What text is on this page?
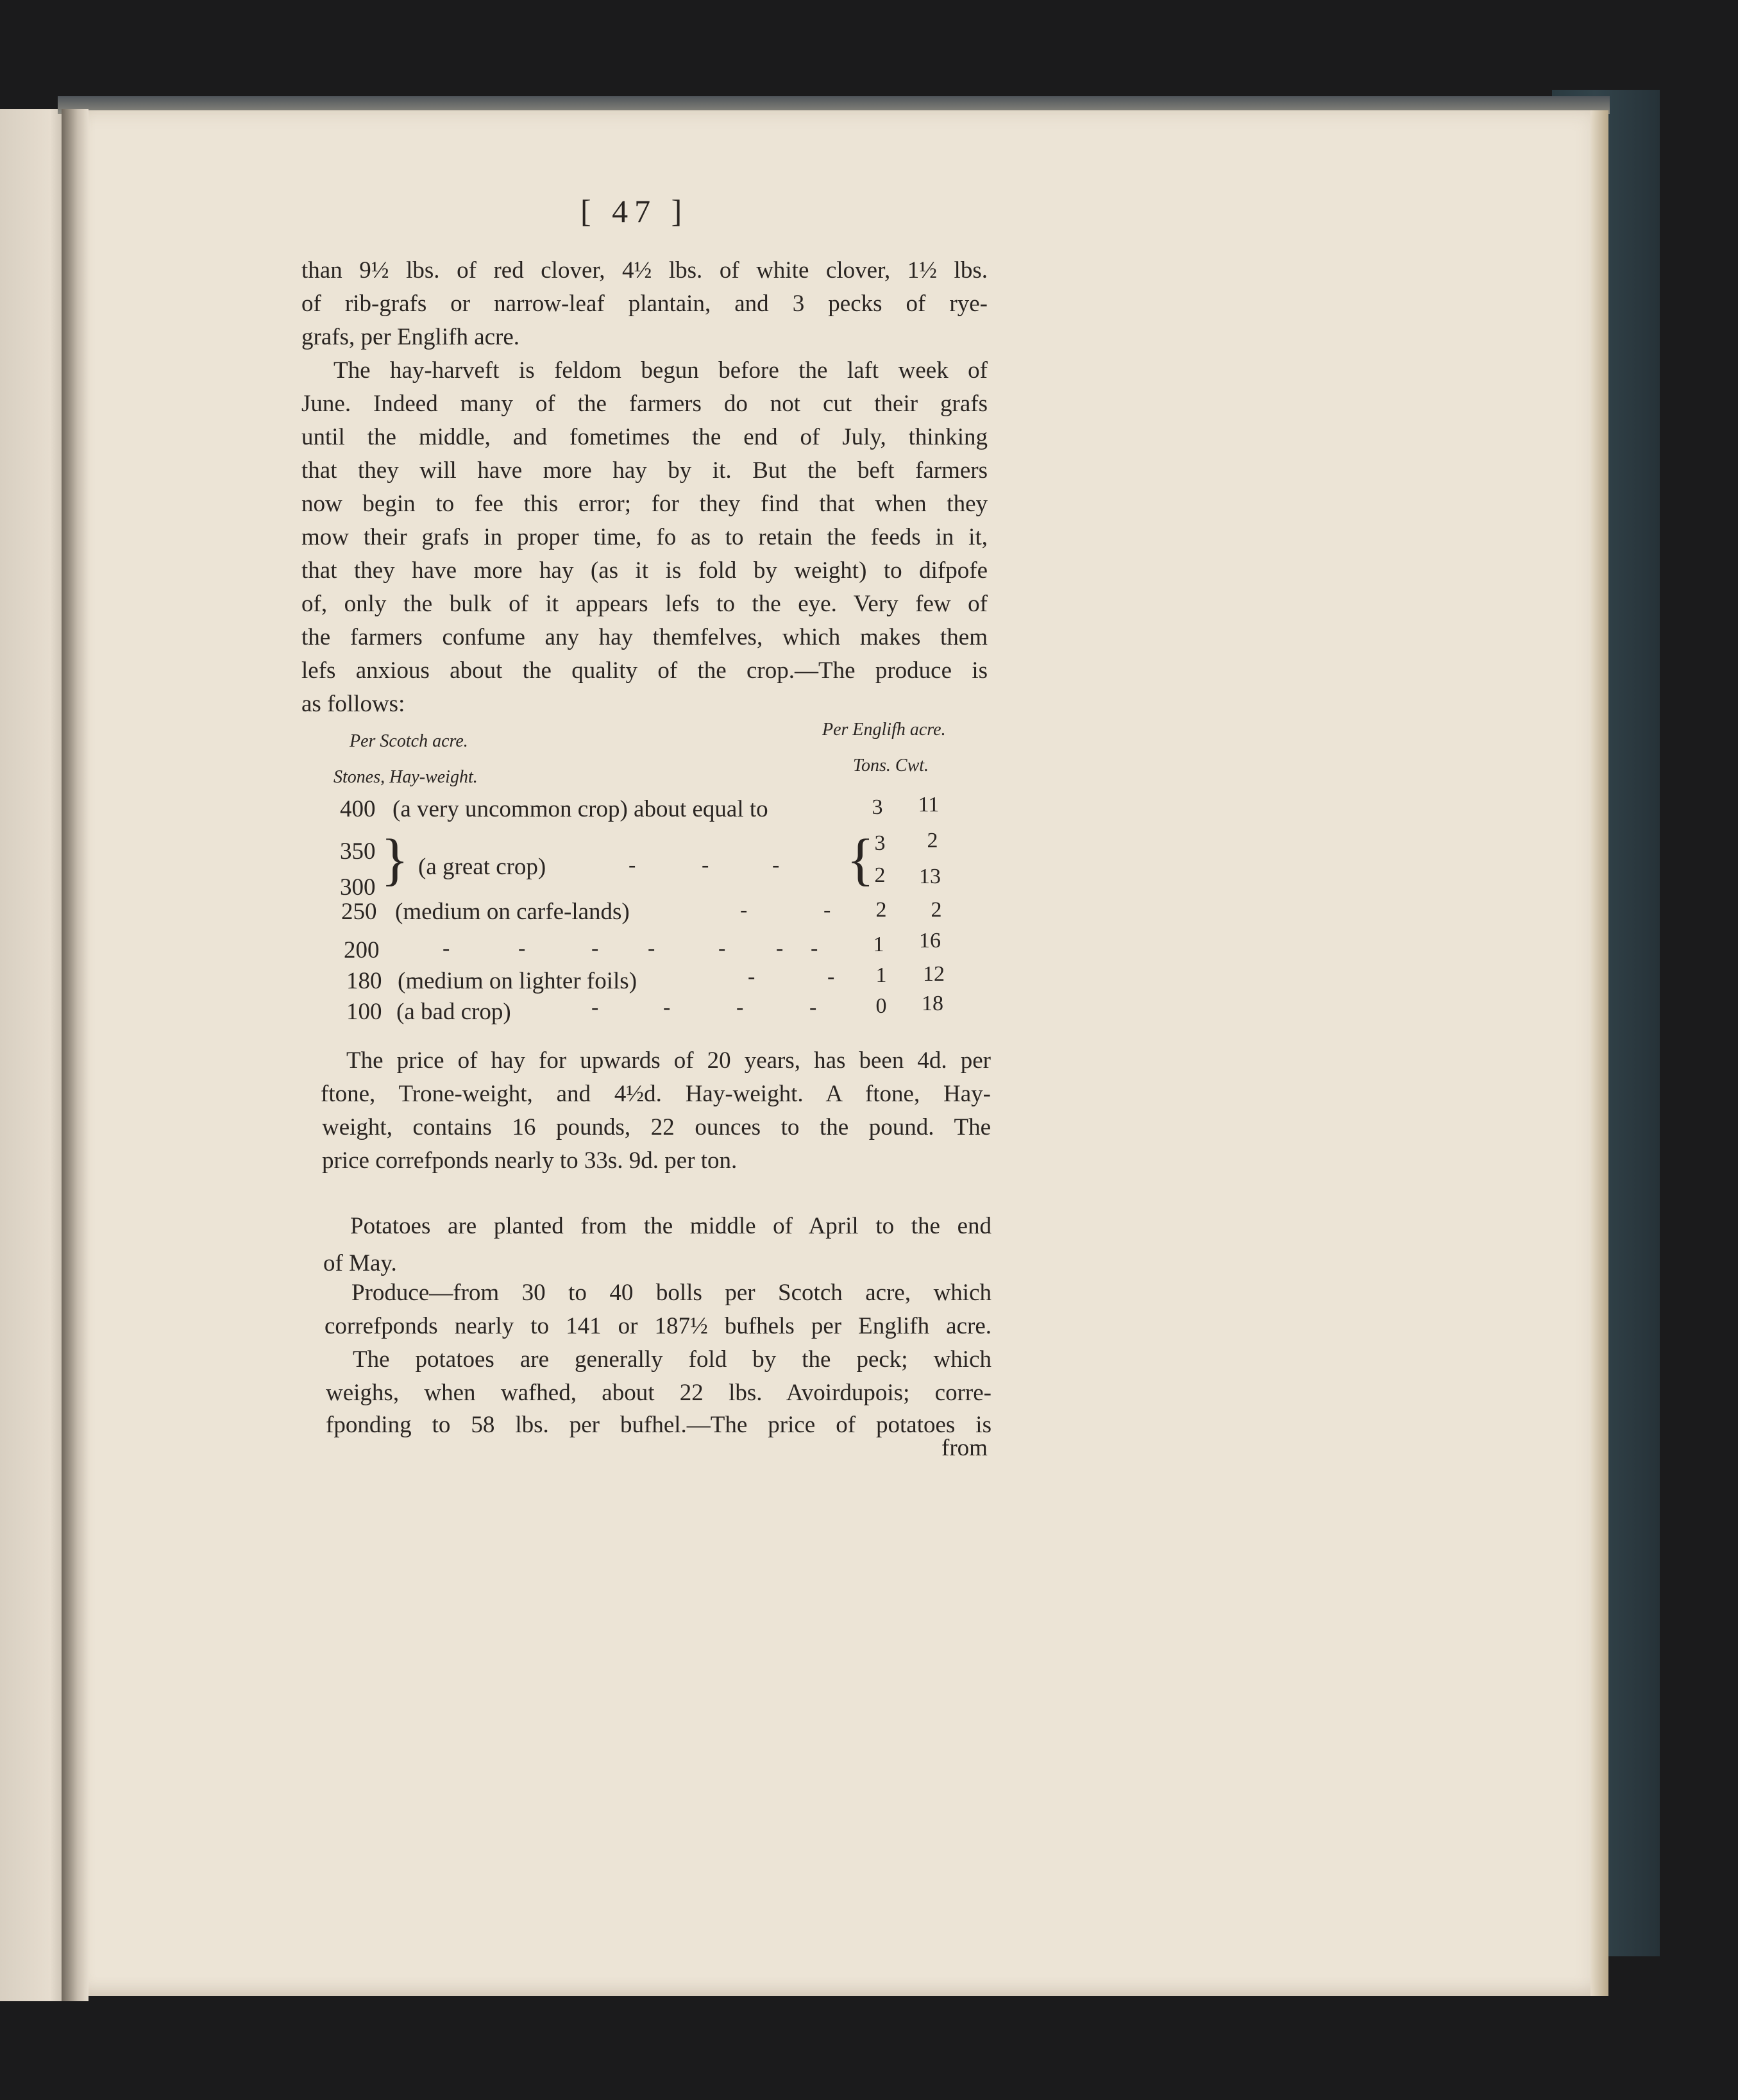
[ 47 ]
than 9½ lbs. of red clover, 4½ lbs. of white clover, 1½ lbs.
of rib-grafs or narrow-leaf plantain, and 3 pecks of rye-
grafs, per Englifh acre.
The hay-harveft is feldom begun before the laft week of
June. Indeed many of the farmers do not cut their grafs
until the middle, and fometimes the end of July, thinking
that they will have more hay by it. But the beft farmers
now begin to fee this error; for they find that when they
mow their grafs in proper time, fo as to retain the feeds in it,
that they have more hay (as it is fold by weight) to difpofe
of, only the bulk of it appears lefs to the eye. Very few of
the farmers confume any hay themfelves, which makes them
lefs anxious about the quality of the crop.—The produce is
as follows:
Per Scotch acre.
Stones, Hay-weight.
Per Englifh acre.
Tons. Cwt.
400 (a very uncommon crop) about equal to	3	11
350 } (a great crop)	-	-	- { 3	2
300	2	13
250 (medium on carfe-lands)	-	-	2	2
200	-	-	- -	- - -	1	16
180 (medium on lighter foils)	-	-	1	12
100 (a bad crop)	-	-	-	-	0	18
The price of hay for upwards of 20 years, has been 4d. per
ftone, Trone-weight, and 4½d. Hay-weight. A ftone, Hay-
weight, contains 16 pounds, 22 ounces to the pound. The
price correfponds nearly to 33s. 9d. per ton.
Potatoes are planted from the middle of April to the end
of May.
Produce—from 30 to 40 bolls per Scotch acre, which
correfponds nearly to 141 or 187½ bufhels per Englifh acre.
The potatoes are generally fold by the peck; which
weighs, when wafhed, about 22 lbs. Avoirdupois; corre-
fponding to 58 lbs. per bufhel.—The price of potatoes is
from
